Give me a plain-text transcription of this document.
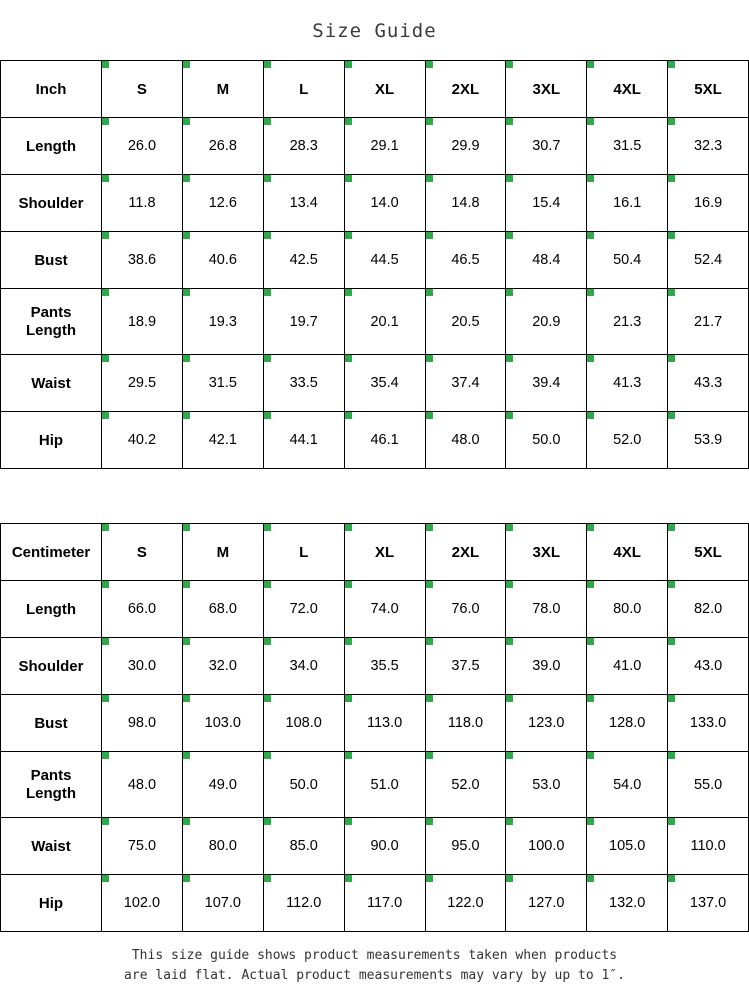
Size Guide
Inch	S	M	L	XL	2XL	3XL	4XL	5XL
Length	26.0	26.8	28.3	29.1	29.9	30.7	31.5	32.3
Shoulder	11.8	12.6	13.4	14.0	14.8	15.4	16.1	16.9
Bust	38.6	40.6	42.5	44.5	46.5	48.4	50.4	52.4

Pants
Length	18.9	19.3	19.7	20.1	20.5	20.9	21.3	21.7
Waist	29.5	31.5	33.5	35.4	37.4	39.4	41.3	43.3
Hip	40.2	42.1	44.1	46.1	48.0	50.0	52.0	53.9
Centimeter	S	M	L	XL	2XL	3XL	4XL	5XL
Length	66.0	68.0	72.0	74.0	76.0	78.0	80.0	82.0
Shoulder	30.0	32.0	34.0	35.5	37.5	39.0	41.0	43.0
Bust	98.0	103.0	108.0	113.0	118.0	123.0	128.0	133.0

Pants
Length	48.0	49.0	50.0	51.0	52.0	53.0	54.0	55.0
Waist	75.0	80.0	85.0	90.0	95.0	100.0	105.0	110.0
Hip	102.0	107.0	112.0	117.0	122.0	127.0	132.0	137.0
This size guide shows product measurements taken when products
are laid flat. Actual product measurements may vary by up to 1″.
